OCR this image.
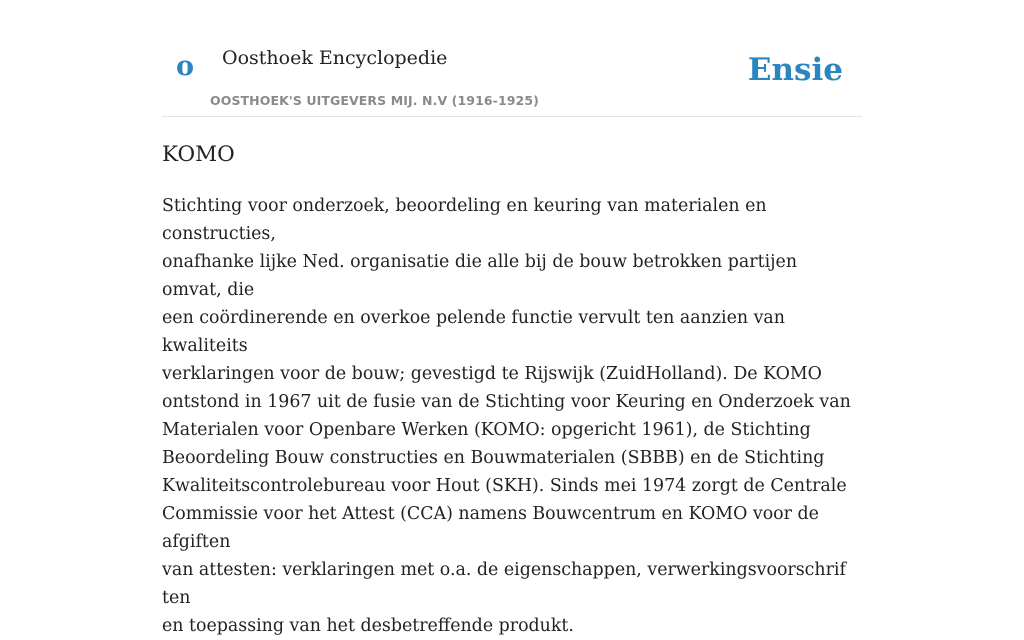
o Oosthoek Encyclopedie
OOSTHOEK'S UITGEVERS MIJ. N.V (1916-1925)
Ensie
KOMO

Stichting voor onderzoek, beoordeling en keuring van materialen en constructies,
onafhanke lijke Ned. organisatie die alle bij de bouw betrokken partijen omvat, die
een coördinerende en overkoe pelende functie vervult ten aanzien van kwaliteits
verklaringen voor de bouw; gevestigd te Rijswijk (ZuidHolland). De KOMO
ontstond in 1967 uit de fusie van de Stichting voor Keuring en Onderzoek van
Materialen voor Openbare Werken (KOMO: opgericht 1961), de Stichting
Beoordeling Bouw constructies en Bouwmaterialen (SBBB) en de Stichting
Kwaliteitscontrolebureau voor Hout (SKH). Sinds mei 1974 zorgt de Centrale
Commissie voor het Attest (CCA) namens Bouwcentrum en KOMO voor de afgiften
van attesten: verklaringen met o.a. de eigenschappen, verwerkingsvoorschrif ten
en toepassing van het desbetreffende produkt.
